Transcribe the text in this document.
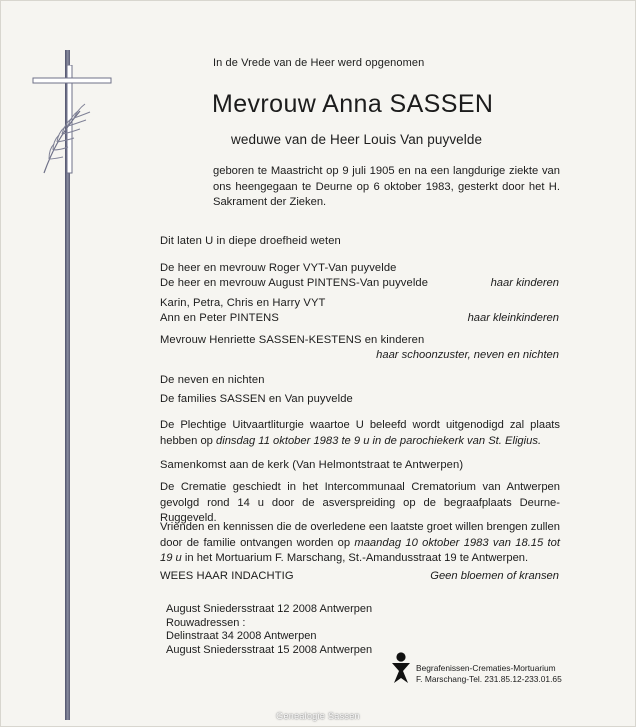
In de Vrede van de Heer werd opgenomen
Mevrouw Anna SASSEN
weduwe van de Heer Louis Van puyvelde

geboren te Maastricht op 9 juli 1905 en na een langdurige ziekte van

ons heengegaan te Deurne op 6 oktober 1983, gesterkt door het H.

Sakrament der Zieken.

Dit laten U in diepe droefheid weten
De heer en mevrouw Roger VYT-Van puyvelde
De heer en mevrouw August PINTENS-Van puyvelde	haar kinderen
Karin, Petra, Chris en Harry VYT
Ann en Peter PINTENS	haar kleinkinderen
Mevrouw Henriette SASSEN-KESTENS en kinderen
haar schoonzuster, neven en nichten
De neven en nichten
De families SASSEN en Van puyvelde

De Plechtige Uitvaartliturgie waartoe U beleefd wordt uitgenodigd zal plaats

hebben op dinsdag 11 oktober 1983 te 9 u in de parochiekerk van St. Eligius.

Samenkomst aan de kerk (Van Helmontstraat te Antwerpen)

De Crematie geschiedt in het Intercommunaal Crematorium van Antwerpen

gevolgd rond 14 u door de asverspreiding op de begraafplaats Deurne-Ruggeveld.

Vrienden en kennissen die de overledene een laatste groet willen brengen zullen

door de familie ontvangen worden op maandag 10 oktober 1983 van 18.15 tot

19 u in het Mortuarium F. Marschang, St.-Amandusstraat 19 te Antwerpen.

WEES HAAR INDACHTIG	Geen bloemen of kransen
August Sniedersstraat 12 2008 Antwerpen
Rouwadressen :
Delinstraat 34 2008 Antwerpen
August Sniedersstraat 15 2008 Antwerpen
Begrafenissen-Crematies-Mortuarium
F. Marschang-Tel. 231.85.12-233.01.65
Genealogie Sassen
